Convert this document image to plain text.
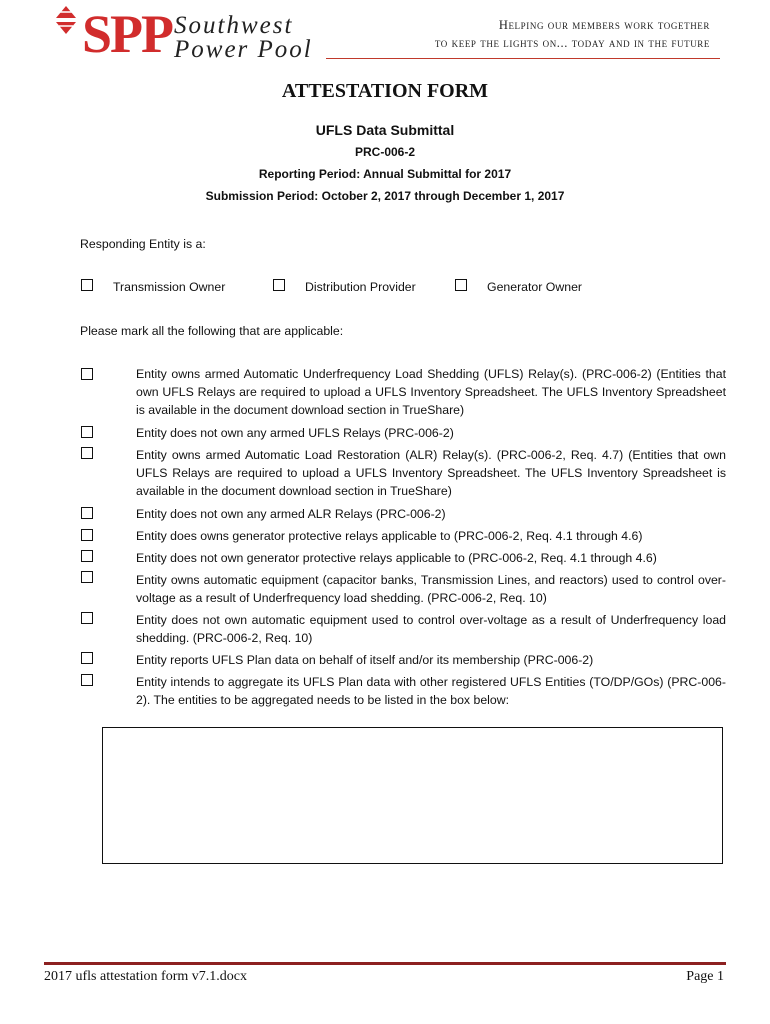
SPP Southwest
Power Pool
Helping our members work together
to keep the lights on... today and in the future
ATTESTATION FORM
UFLS Data Submittal
PRC-006-2
Reporting Period: Annual Submittal for 2017
Submission Period: October 2, 2017 through December 1, 2017
Responding Entity is a:
Transmission Owner	Distribution Provider	Generator Owner
Please mark all the following that are applicable:
Entity owns armed Automatic Underfrequency Load Shedding (UFLS) Relay(s). (PRC-006-2) (Entities that own UFLS Relays are required to upload a UFLS Inventory Spreadsheet. The UFLS Inventory Spreadsheet is available in the document download section in TrueShare)
Entity does not own any armed UFLS Relays (PRC-006-2)
Entity owns armed Automatic Load Restoration (ALR) Relay(s). (PRC-006-2, Req. 4.7) (Entities that own UFLS Relays are required to upload a UFLS Inventory Spreadsheet. The UFLS Inventory Spreadsheet is available in the document download section in TrueShare)
Entity does not own any armed ALR Relays (PRC-006-2)
Entity does owns generator protective relays applicable to (PRC-006-2, Req. 4.1 through 4.6)
Entity does not own generator protective relays applicable to (PRC-006-2, Req. 4.1 through 4.6)
Entity owns automatic equipment (capacitor banks, Transmission Lines, and reactors) used to control over-voltage as a result of Underfrequency load shedding. (PRC-006-2, Req. 10)
Entity does not own automatic equipment used to control over-voltage as a result of Underfrequency load shedding. (PRC-006-2, Req. 10)
Entity reports UFLS Plan data on behalf of itself and/or its membership (PRC-006-2)
Entity intends to aggregate its UFLS Plan data with other registered UFLS Entities (TO/DP/GOs) (PRC-006-2). The entities to be aggregated needs to be listed in the box below:
2017 ufls attestation form v7.1.docx	Page 1
